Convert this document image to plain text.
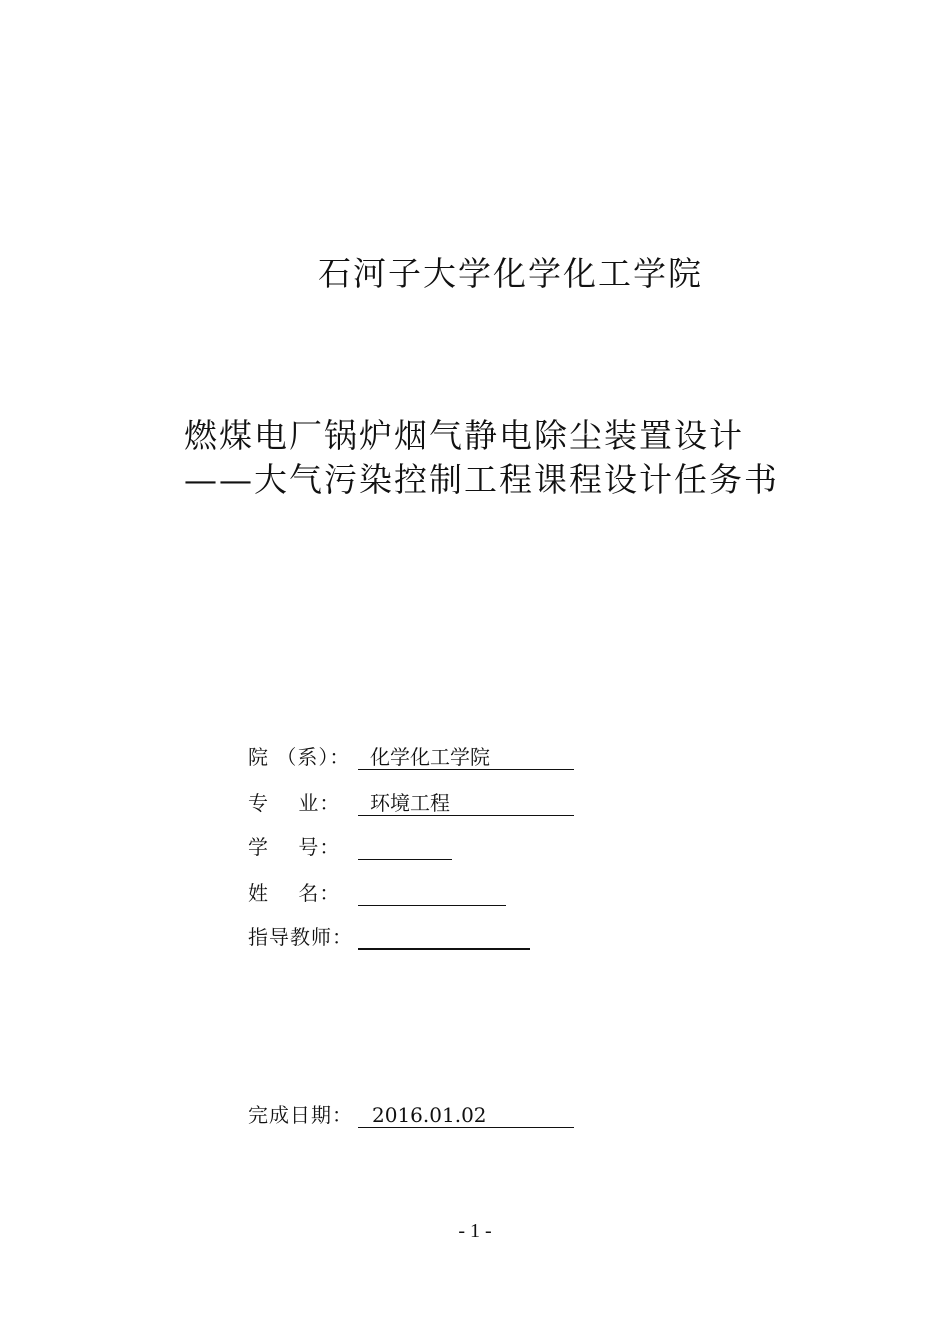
石河子大学化学化工学院
燃煤电厂锅炉烟气静电除尘装置设计
——大气污染控制工程课程设计任务书
院 （系）： 化学化工学院
专    业：	环境工程
学    号：
姓    名：
指导教师：
完成日期： 2016.01.02
- 1 -
